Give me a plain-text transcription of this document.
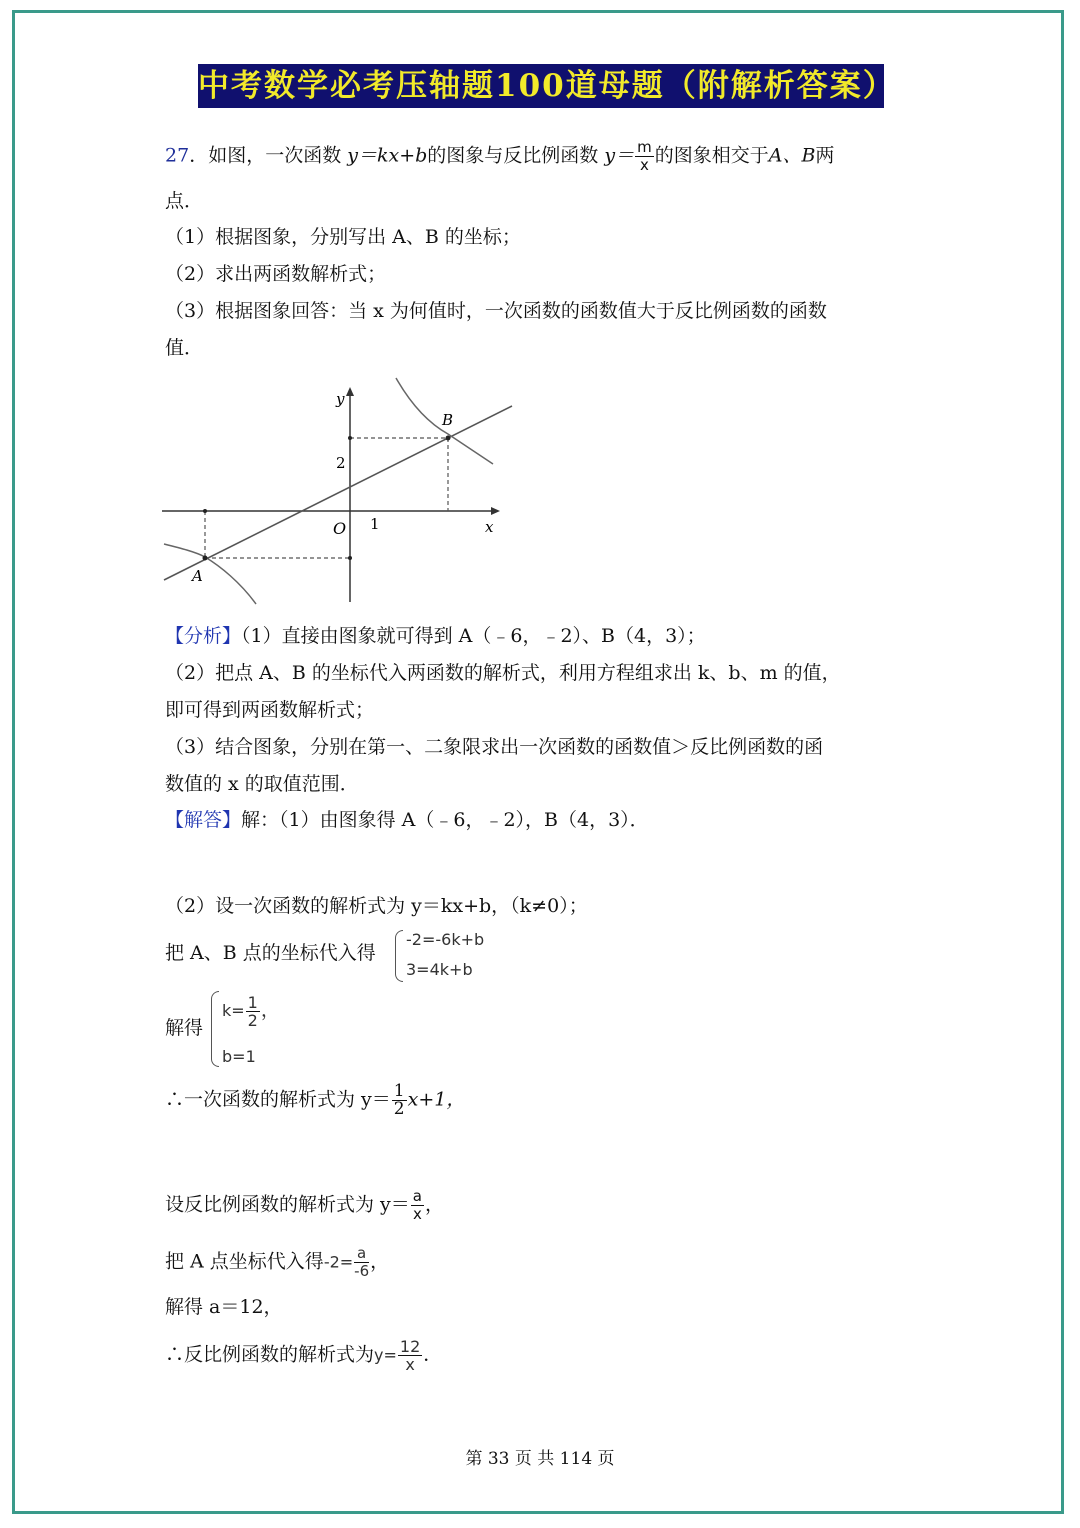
中考数学必考压轴题100道母题（附解析答案）
27．如图，一次函数 y＝kx+b的图象与反比例函数 $y= \frac{m}{x}$ 的图象相交于A、B两
点．
（1）根据图象，分别写出 A、B 的坐标；
（2）求出两函数解析式；
（3）根据图象回答：当 x 为何值时，一次函数的函数值大于反比例函数的函数
值．
y
x
O
2
1
B
A
【分析】（1）直接由图象就可得到 A（﹣6，﹣2）、B（4，3）；
（2）把点 A、B 的坐标代入两函数的解析式，利用方程组求出 k、b、m 的值，
即可得到两函数解析式；
（3）结合图象，分别在第一、二象限求出一次函数的函数值＞反比例函数的函
数值的 x 的取值范围．
【解答】解：（1）由图象得 A（﹣6，﹣2），B（4，3）．
（2）设一次函数的解析式为 y＝kx+b，（k≠0）；
把 A、B 点的坐标代入得
-2=-6k+b
3=4k+b
解得
$k= \frac{1}{2}$ ，
b=1
∴一次函数的解析式为 $y= \frac{1}{2} x+1$，
设反比例函数的解析式为 $y= \frac{a}{x}$ ，
把 A 点坐标代入得$-2= \frac{a}{-6}$ ，
解得 a＝12，
∴反比例函数的解析式为$y= \frac{12}{x}$ ．
第 33 页 共 114 页
